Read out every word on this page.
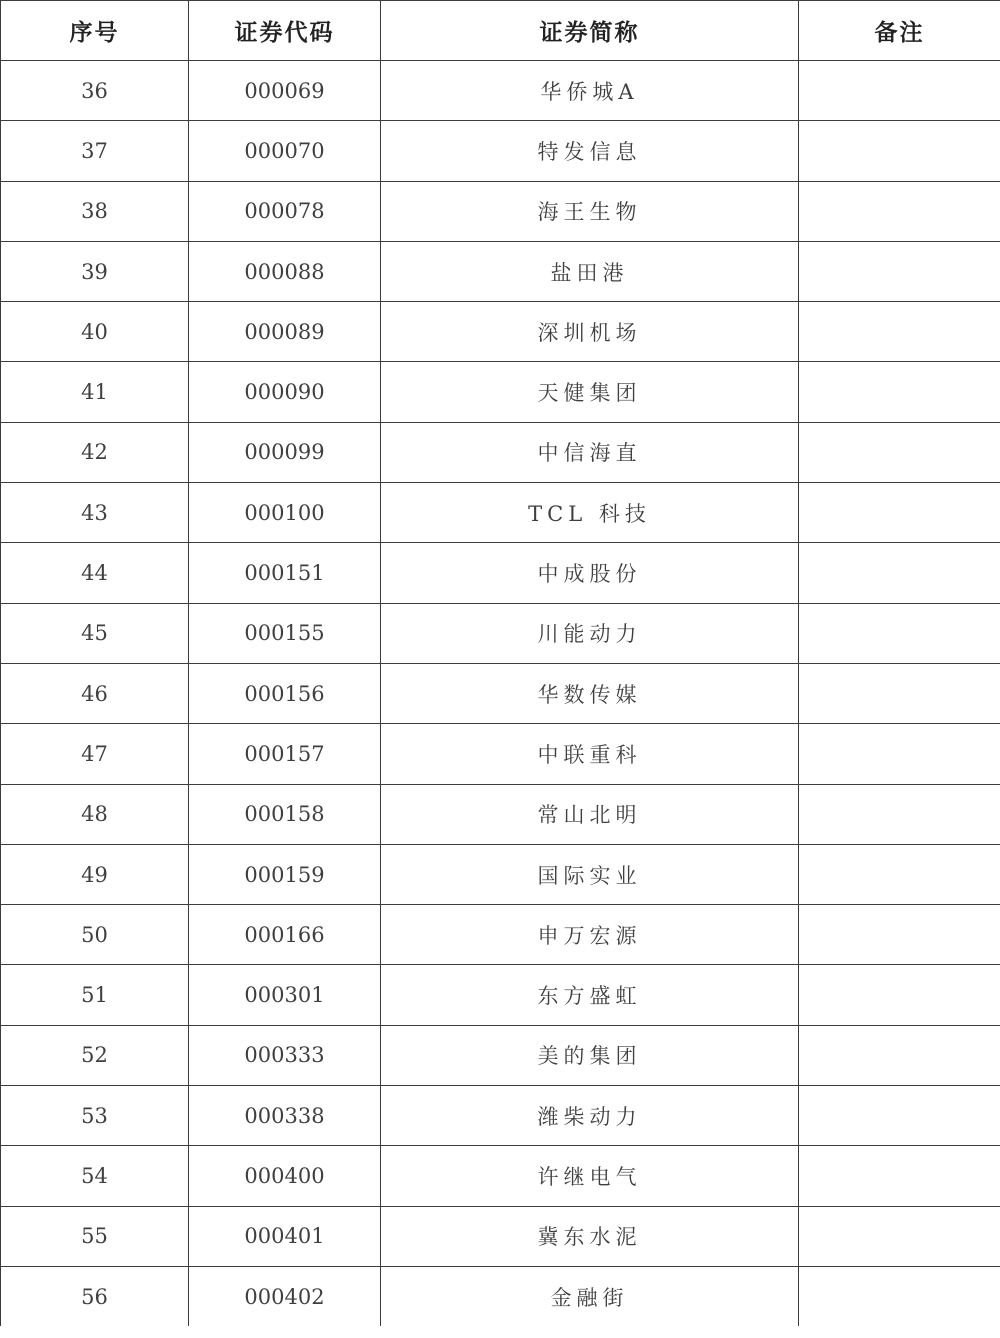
序号	证券代码	证券简称	备注
36	000069	华侨城A	
37	000070	特发信息	
38	000078	海王生物	
39	000088	盐田港	
40	000089	深圳机场	
41	000090	天健集团	
42	000099	中信海直	
43	000100	TCL 科技	
44	000151	中成股份	
45	000155	川能动力	
46	000156	华数传媒	
47	000157	中联重科	
48	000158	常山北明	
49	000159	国际实业	
50	000166	申万宏源	
51	000301	东方盛虹	
52	000333	美的集团	
53	000338	潍柴动力	
54	000400	许继电气	
55	000401	冀东水泥	
56	000402	金融街	
